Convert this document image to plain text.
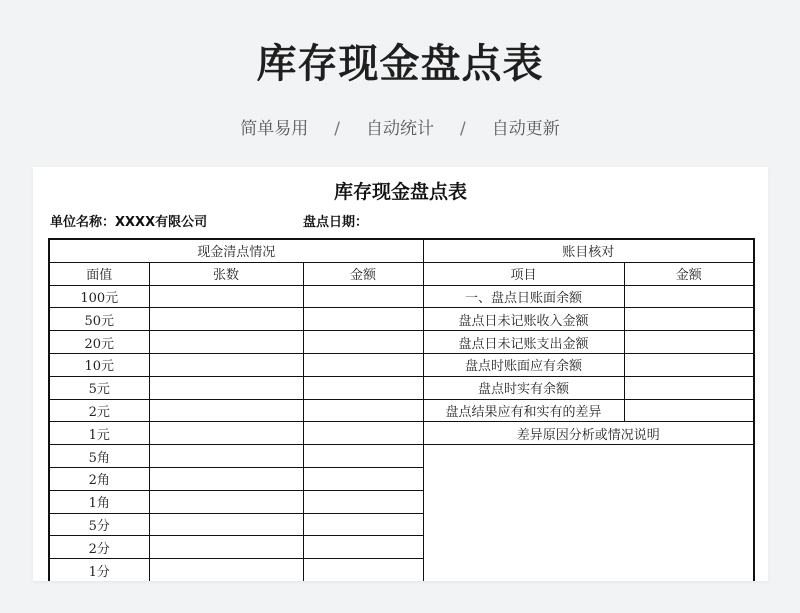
库存现金盘点表
简单易用 / 自动统计 / 自动更新
库存现金盘点表
单位名称：XXXX有限公司	盘点日期：
现金清点情况			账目核对	
面值	张数	金额	项目	金额
100元			一、盘点日账面余额	
50元			盘点日未记账收入金额	
20元			盘点日未记账支出金额	
10元			盘点时账面应有余额	
5元			盘点时实有余额	
2元			盘点结果应有和实有的差异	
1元			差异原因分析或情况说明	
5角				
2角				
1角				
5分				
2分				
1分				
